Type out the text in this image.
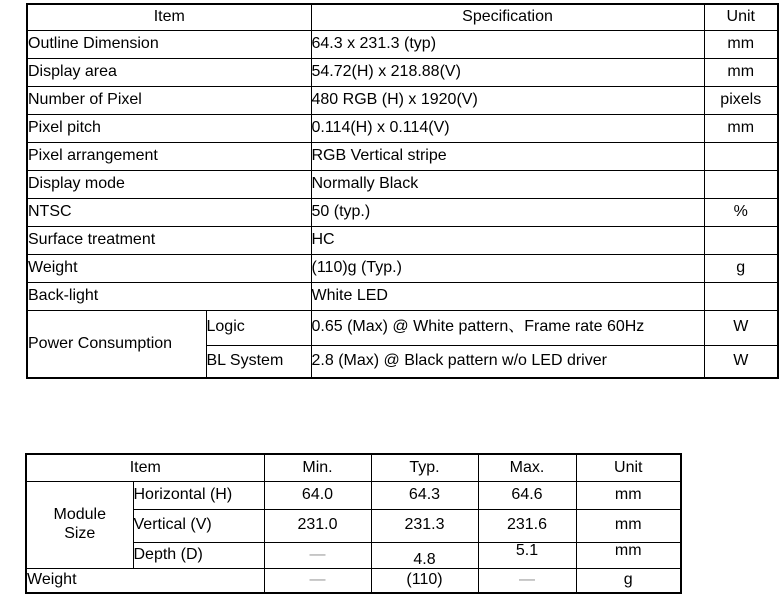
Item		Specification	Unit
Outline Dimension		64.3 x 231.3 (typ)	mm
Display area		54.72(H) x 218.88(V)	mm
Number of Pixel		480 RGB (H) x 1920(V)	pixels
Pixel pitch		0.114(H) x 0.114(V)	mm
Pixel arrangement		RGB Vertical stripe	
Display mode		Normally Black	
NTSC		50 (typ.)	%
Surface treatment		HC	
Weight		(110)g (Typ.)	g
Back-light		White LED	
Power Consumption	Logic	0.65 (Max) @ White pattern、Frame rate 60Hz	W
	BL System	2.8 (Max) @ Black pattern w/o LED driver	W
Item		Min.	Typ.	Max.	Unit

Module Size	Horizontal (H)	64.0	64.3	64.6	mm
	Vertical (V)	231.0	231.3	231.6	mm
	Depth (D)	—	4.8	5.1	mm
Weight		—	(110)	—	g
